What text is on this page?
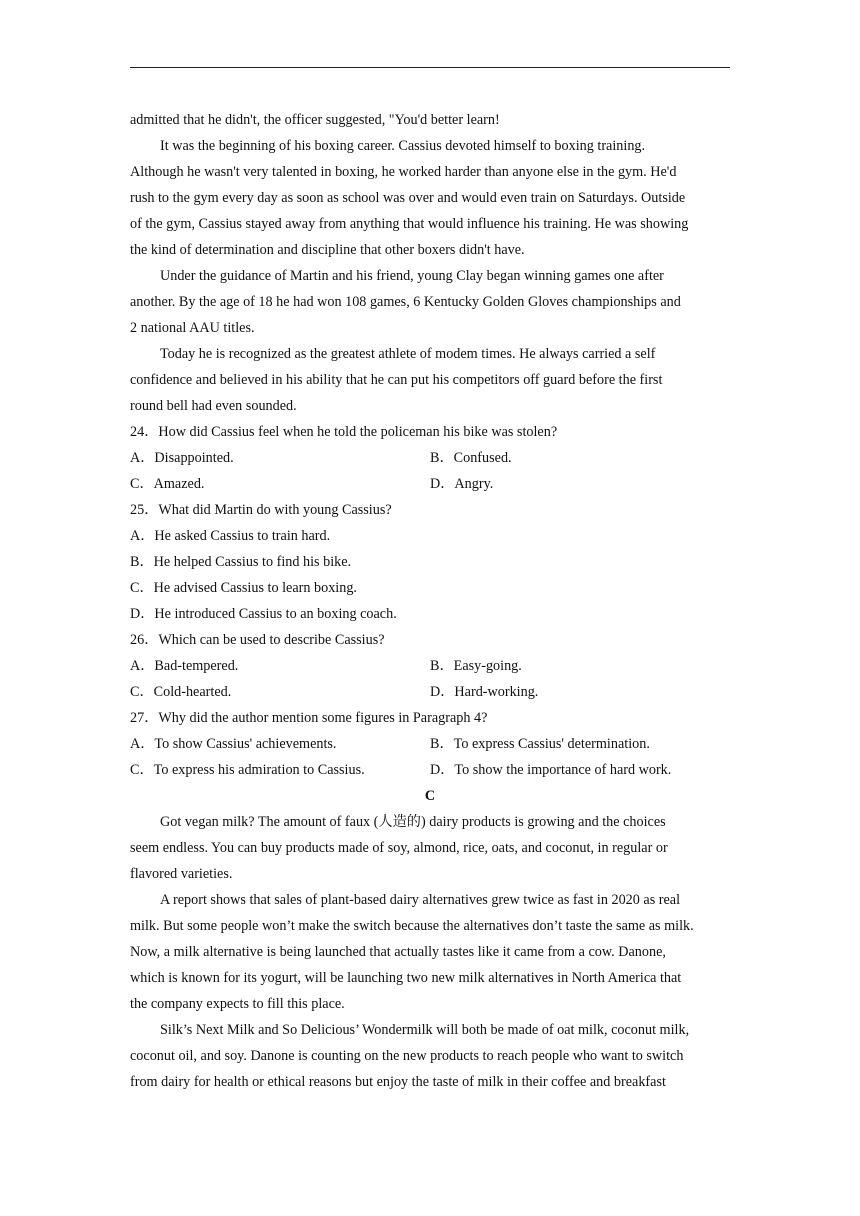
admitted that he didn't, the officer suggested, "You'd better learn!
It was the beginning of his boxing career. Cassius devoted himself to boxing training.
Although he wasn't very talented in boxing, he worked harder than anyone else in the gym. He'd
rush to the gym every day as soon as school was over and would even train on Saturdays. Outside
of the gym, Cassius stayed away from anything that would influence his training. He was showing
the kind of determination and discipline that other boxers didn't have.
Under the guidance of Martin and his friend, young Clay began winning games one after
another. By the age of 18 he had won 108 games, 6 Kentucky Golden Gloves championships and
2 national AAU titles.
Today he is recognized as the greatest athlete of modem times. He always carried a self
confidence and believed in his ability that he can put his competitors off guard before the first
round bell had even sounded.
24．How did Cassius feel when he told the policeman his bike was stolen?
A．Disappointed.	B．Confused.
C．Amazed.	D．Angry.
25．What did Martin do with young Cassius?
A．He asked Cassius to train hard.
B．He helped Cassius to find his bike.
C．He advised Cassius to learn boxing.
D．He introduced Cassius to an boxing coach.
26．Which can be used to describe Cassius?
A．Bad-tempered.	B．Easy-going.
C．Cold-hearted.	D．Hard-working.
27．Why did the author mention some figures in Paragraph 4?
A．To show Cassius' achievements.	B．To express Cassius' determination.
C．To express his admiration to Cassius.	D．To show the importance of hard work.
C
Got vegan milk? The amount of faux (人造的) dairy products is growing and the choices
seem endless. You can buy products made of soy, almond, rice, oats, and coconut, in regular or
flavored varieties.
A report shows that sales of plant-based dairy alternatives grew twice as fast in 2020 as real
milk. But some people won’t make the switch because the alternatives don’t taste the same as milk.
Now, a milk alternative is being launched that actually tastes like it came from a cow. Danone,
which is known for its yogurt, will be launching two new milk alternatives in North America that
the company expects to fill this place.
Silk’s Next Milk and So Delicious’ Wondermilk will both be made of oat milk, coconut milk,
coconut oil, and soy. Danone is counting on the new products to reach people who want to switch
from dairy for health or ethical reasons but enjoy the taste of milk in their coffee and breakfast
